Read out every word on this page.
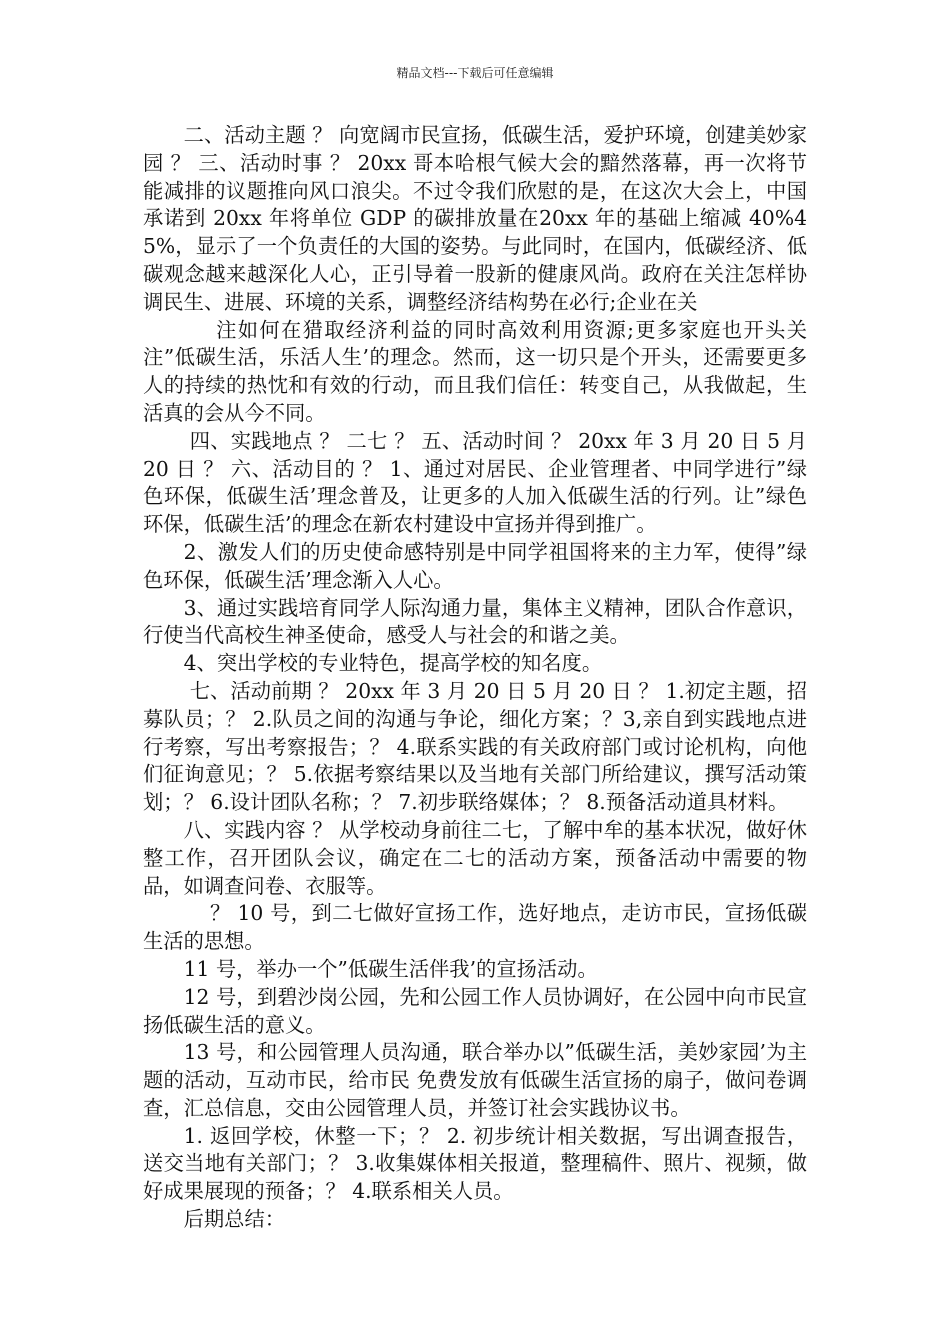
精品文档---下载后可任意编辑

二、活动主题 ？ 向宽阔市民宣扬，低碳生活，爱护环境，创建美妙家园 ？ 三、活动时事 ？ 20xx 哥本哈根气候大会的黯然落幕，再一次将节能减排的议题推向风口浪尖。不过令我们欣慰的是，在这次大会上，中国承诺到 20xx 年将单位 GDP 的碳排放量在20xx 年的基础上缩减 40%45%，显示了一个负责任的大国的姿势。与此同时，在国内，低碳经济、低碳观念越来越深化人心，正引导着一股新的健康风尚。政府在关注怎样协调民生、进展、环境的关系，调整经济结构势在必行;企业在关

注如何在猎取经济利益的同时高效利用资源;更多家庭也开头关注”低碳生活，乐活人生’的理念。然而，这一切只是个开头，还需要更多人的持续的热忱和有效的行动，而且我们信任：转变自己，从我做起，生活真的会从今不同。

四、实践地点 ？ 二七 ？ 五、活动时间 ？ 20xx 年 3 月 20 日 5 月 20 日 ？ 六、活动目的 ？ 1、通过对居民、企业管理者、中同学进行”绿色环保，低碳生活’理念普及，让更多的人加入低碳生活的行列。让”绿色环保，低碳生活’的理念在新农村建设中宣扬并得到推广。

2、激发人们的历史使命感特别是中同学祖国将来的主力军，使得”绿色环保，低碳生活’理念渐入人心。

3、通过实践培育同学人际沟通力量，集体主义精神，团队合作意识，行使当代高校生神圣使命，感受人与社会的和谐之美。

4、突出学校的专业特色，提高学校的知名度。

七、活动前期 ？ 20xx 年 3 月 20 日 5 月 20 日 ？ 1.初定主题，招募队员；？ 2.队员之间的沟通与争论，细化方案；？3,亲自到实践地点进行考察，写出考察报告；？ 4.联系实践的有关政府部门或讨论机构，向他们征询意见；？ 5.依据考察结果以及当地有关部门所给建议，撰写活动策划；？ 6.设计团队名称；？ 7.初步联络媒体；？ 8.预备活动道具材料。

八、实践内容 ？ 从学校动身前往二七，了解中牟的基本状况，做好休整工作，召开团队会议，确定在二七的活动方案，预备活动中需要的物品，如调查问卷、衣服等。

？ 10 号，到二七做好宣扬工作，选好地点，走访市民，宣扬低碳生活的思想。

11 号，举办一个”低碳生活伴我’的宣扬活动。

12 号，到碧沙岗公园，先和公园工作人员协调好，在公园中向市民宣扬低碳生活的意义。

13 号，和公园管理人员沟通，联合举办以”低碳生活，美妙家园’为主题的活动，互动市民，给市民 免费发放有低碳生活宣扬的扇子，做问卷调查，汇总信息，交由公园管理人员，并签订社会实践协议书。

1. 返回学校，休整一下；？ 2. 初步统计相关数据，写出调查报告，送交当地有关部门；？ 3.收集媒体相关报道，整理稿件、照片、视频，做好成果展现的预备；？ 4.联系相关人员。

后期总结：
